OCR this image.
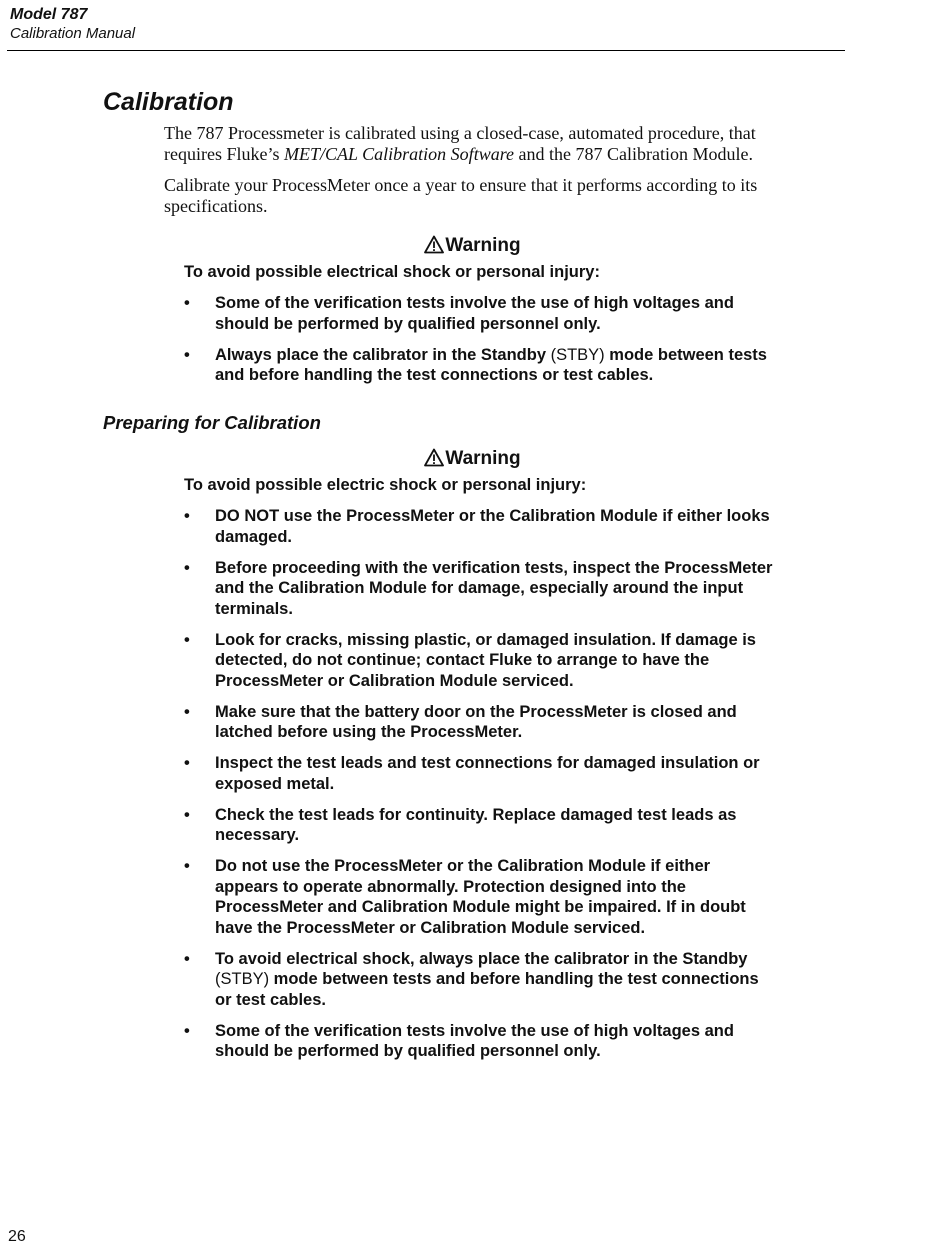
Model 787
Calibration Manual
Calibration

The 787 Processmeter is calibrated using a closed-case, automated procedure, that requires Fluke’s MET/CAL Calibration Software and the 787 Calibration Module.

Calibrate your ProcessMeter once a year to ensure that it performs according to its specifications.

Warning

To avoid possible electrical shock or personal injury:

• Some of the verification tests involve the use of high voltages and should be performed by qualified personnel only.
• Always place the calibrator in the Standby (STBY) mode between tests and before handling the test connections or test cables.
Preparing for Calibration
Warning

To avoid possible electric shock or personal injury:

• DO NOT use the ProcessMeter or the Calibration Module if either looks damaged.
• Before proceeding with the verification tests, inspect the ProcessMeter and the Calibration Module for damage, especially around the input terminals.
• Look for cracks, missing plastic, or damaged insulation. If damage is detected, do not continue; contact Fluke to arrange to have the ProcessMeter or Calibration Module serviced.
• Make sure that the battery door on the ProcessMeter is closed and latched before using the ProcessMeter.
• Inspect the test leads and test connections for damaged insulation or exposed metal.
• Check the test leads for continuity. Replace damaged test leads as necessary.
• Do not use the ProcessMeter or the Calibration Module if either appears to operate abnormally. Protection designed into the ProcessMeter and Calibration Module might be impaired. If in doubt have the ProcessMeter or Calibration Module serviced.
• To avoid electrical shock, always place the calibrator in the Standby (STBY) mode between tests and before handling the test connections or test cables.
• Some of the verification tests involve the use of high voltages and should be performed by qualified personnel only.
26
